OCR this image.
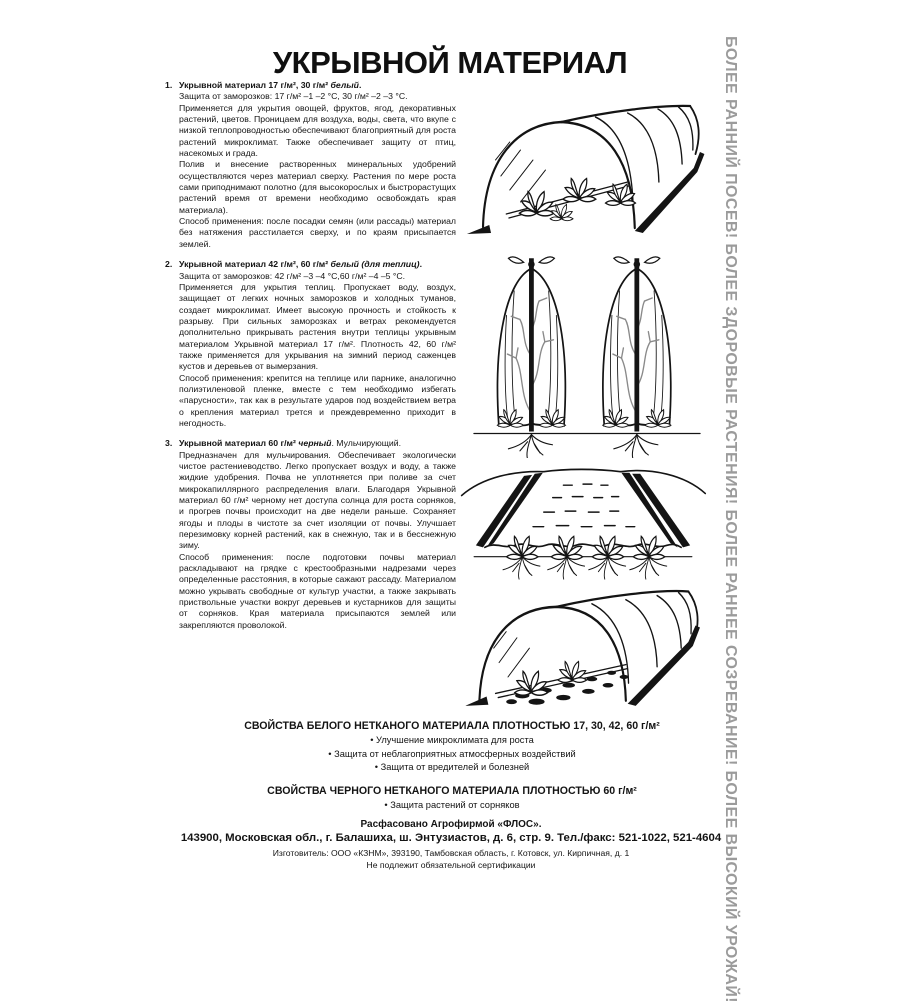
УКРЫВНОЙ МАТЕРИАЛ	БОЛЕЕ РАННИЙ ПОСЕВ! БОЛЕЕ ЗДОРОВЫЕ РАСТЕНИЯ! БОЛЕЕ РАННЕЕ СОЗРЕВАНИЕ! БОЛЕЕ ВЫСОКИЙ УРОЖАЙ!
1. Укрывной материал 17 г/м², 30 г/м² белый.

Защита от заморозков: 17 г/м² –1 –2 °С, 30 г/м² –2 –3 °С.

Применяется для укрытия овощей, фруктов, ягод, декоративных растений, цветов. Проницаем для воздуха, воды, света, что вкупе с низкой теплопроводностью обеспечивают благоприятный для роста растений микроклимат. Также обеспечивает защиту от птиц, насекомых и града.

Полив и внесение растворенных минеральных удобрений осуществляются через материал сверху. Растения по мере роста сами приподнимают полотно (для высокорослых и быстрорастущих растений время от времени необходимо освобождать края материала).

Способ применения: после посадки семян (или рассады) материал без натяжения расстилается сверху, и по краям присыпается землей.

2. Укрывной материал 42 г/м², 60 г/м² белый (для теплиц).

Защита от заморозков: 42 г/м² –3 –4 °С,60 г/м² –4 –5 °С.

Применяется для укрытия теплиц. Пропускает воду, воздух, защищает от легких ночных заморозков и холодных туманов, создает микроклимат. Имеет высокую прочность и стойкость к разрыву. При сильных заморозках и ветрах рекомендуется дополнительно прикрывать растения внутри теплицы укрывным материалом Укрывной материал 17 г/м². Плотность 42, 60 г/м² также применяется для укрывания на зимний период саженцев кустов и деревьев от вымерзания.

Способ применения: крепится на теплице или парнике, аналогично полиэтиленовой пленке, вместе с тем необходимо избегать «парусности», так как в результате ударов под воздействием ветра о крепления материал трется и преждевременно приходит в негодность.

3. Укрывной материал 60 г/м² черный. Мульчирующий.

Предназначен для мульчирования. Обеспечивает экологически чистое растениеводство. Легко пропускает воздух и воду, а также жидкие удобрения. Почва не уплотняется при поливе за счет микрокапиллярного распределения влаги. Благодаря Укрывной материал 60 г/м² черному нет доступа солнца для роста сорняков, и прогрев почвы происходит на две недели раньше. Сохраняет ягоды и плоды в чистоте за счет изоляции от почвы. Улучшает перезимовку корней растений, как в снежную, так и в бесснежную зиму.

Способ применения: после подготовки почвы материал раскладывают на грядке с крестообразными надрезами через определенные расстояния, в которые сажают рассаду. Материалом можно укрывать свободные от культур участки, а также закрывать приствольные участки вокруг деревьев и кустарников для защиты от сорняков. Края материала присыпаются землей или закрепляются проволокой.

СВОЙСТВА БЕЛОГО НЕТКАНОГО МАТЕРИАЛА ПЛОТНОСТЬЮ 17, 30, 42, 60 г/м²
• Улучшение микроклимата для роста
• Защита от неблагоприятных атмосферных воздействий
• Защита от вредителей и болезней
СВОЙСТВА ЧЕРНОГО НЕТКАНОГО МАТЕРИАЛА ПЛОТНОСТЬЮ 60 г/м²
• Защита растений от сорняков

Расфасовано Агрофирмой «ФЛОС».

143900, Московская обл., г. Балашиха, ш. Энтузиастов, д. 6, стр. 9. Тел./факс: 521-1022, 521-4604

Изготовитель: ООО «КЗНМ», 393190, Тамбовская область, г. Котовск, ул. Кирпичная, д. 1

Не подлежит обязательной сертификации
